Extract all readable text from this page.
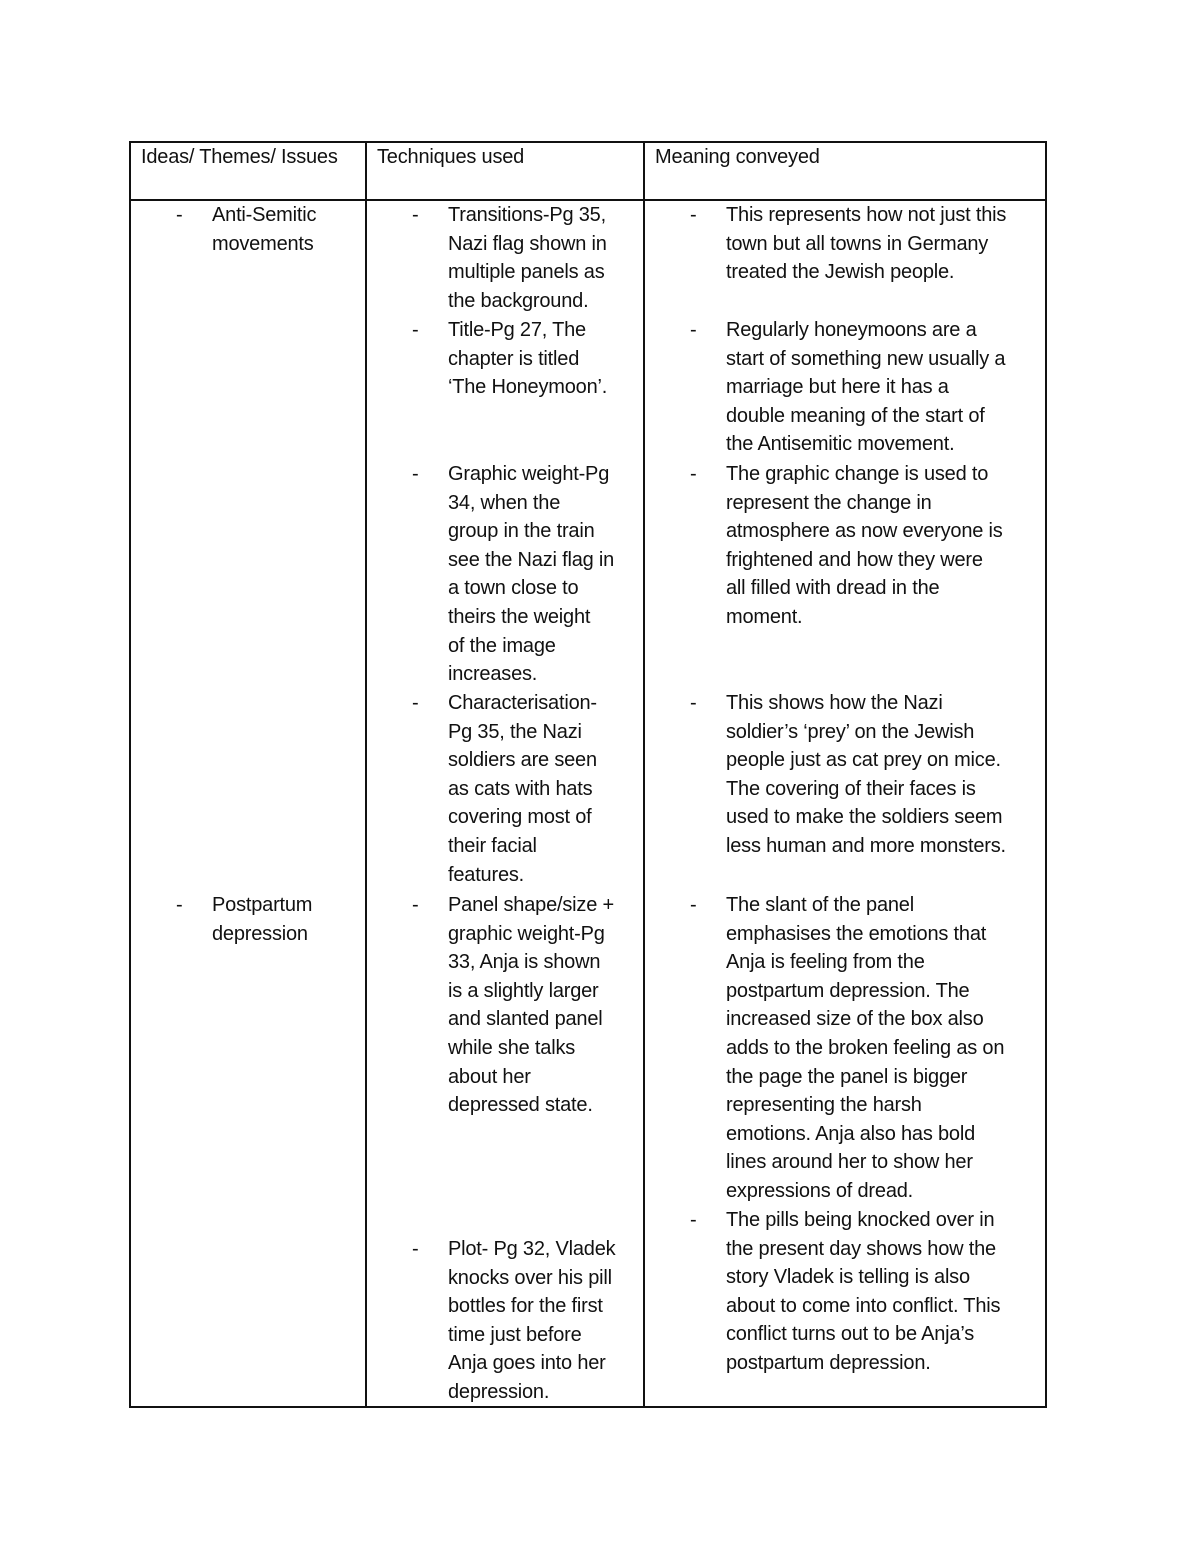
Ideas/ Themes/ Issues Techniques used	Meaning conveyed
- Anti-Semitic
movements
- Postpartum
depression
- Transitions-Pg 35,
Nazi flag shown in
multiple panels as
the background.
- Title-Pg 27, The
chapter is titled
‘The Honeymoon’.
- Graphic weight-Pg
34, when the
group in the train
see the Nazi flag in
a town close to
theirs the weight
of the image
increases.
- Characterisation-
Pg 35, the Nazi
soldiers are seen
as cats with hats
covering most of
their facial
features.
- Panel shape/size +
graphic weight-Pg
33, Anja is shown
is a slightly larger
and slanted panel
while she talks
about her
depressed state.
- Plot- Pg 32, Vladek
knocks over his pill
bottles for the first
time just before
Anja goes into her
depression.
- This represents how not just this
town but all towns in Germany
treated the Jewish people.
- Regularly honeymoons are a
start of something new usually a
marriage but here it has a
double meaning of the start of
the Antisemitic movement.
- The graphic change is used to
represent the change in
atmosphere as now everyone is
frightened and how they were
all filled with dread in the
moment.
- This shows how the Nazi
soldier’s ‘prey’ on the Jewish
people just as cat prey on mice.
The covering of their faces is
used to make the soldiers seem
less human and more monsters.
- The slant of the panel
emphasises the emotions that
Anja is feeling from the
postpartum depression. The
increased size of the box also
adds to the broken feeling as on
the page the panel is bigger
representing the harsh
emotions. Anja also has bold
lines around her to show her
expressions of dread.
- The pills being knocked over in
the present day shows how the
story Vladek is telling is also
about to come into conflict. This
conflict turns out to be Anja’s
postpartum depression.
